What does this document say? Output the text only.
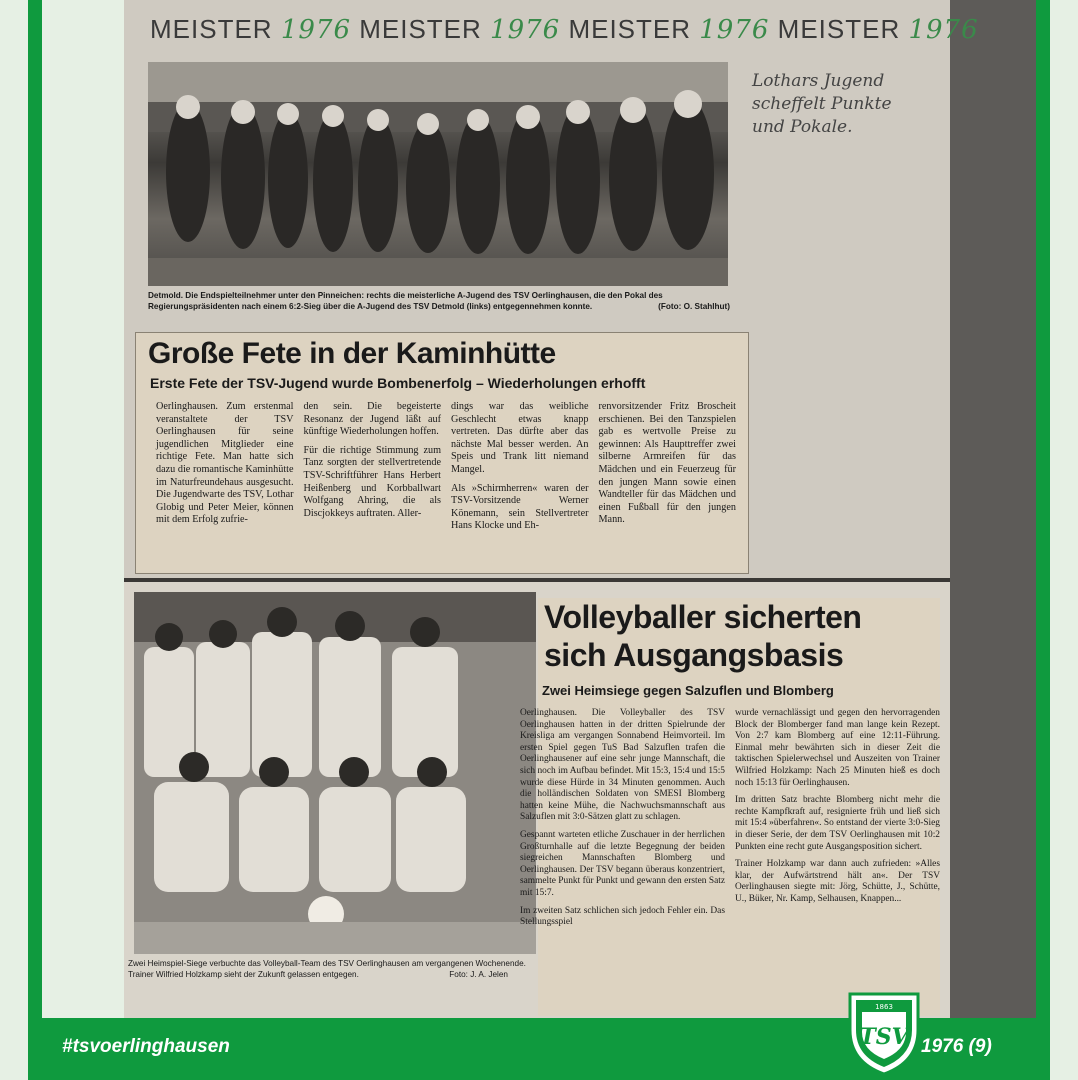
MEISTER 1976 MEISTER 1976 MEISTER 1976 MEISTER 1976
Lothars Jugend
scheffelt Punkte
und Pokale.
Detmold. Die Endspielteilnehmer unter den Pinneichen: rechts die meisterliche A-Jugend des TSV Oerlinghausen, die den Pokal des Regierungspräsidenten nach einem 6:2-Sieg über die A-Jugend des TSV Detmold (links) entgegennehmen konnte.	(Foto: O. Stahlhut)
Große Fete in der Kaminhütte
Erste Fete der TSV-Jugend wurde Bombenerfolg – Wiederholungen erhofft

Oerlinghausen. Zum erstenmal veranstaltete der TSV Oerlinghausen für seine jugendlichen Mitglieder eine richtige Fete. Man hatte sich dazu die romantische Kaminhütte im Naturfreundehaus ausgesucht. Die Jugendwarte des TSV, Lothar Globig und Peter Meier, können mit dem Erfolg zufrie-

den sein. Die begeisterte Resonanz der Jugend läßt auf künftige Wiederholungen hoffen.

Für die richtige Stimmung zum Tanz sorgten der stellvertretende TSV-Schriftführer Hans Herbert Heißenberg und Korbballwart Wolfgang Ahring, die als Discjokkeys auftraten. Aller-

dings war das weibliche Geschlecht etwas knapp vertreten. Das dürfte aber das nächste Mal besser werden. An Speis und Trank litt niemand Mangel.

Als »Schirmherren« waren der TSV-Vorsitzende Werner Könemann, sein Stellvertreter Hans Klocke und Eh-

renvorsitzender Fritz Broscheit erschienen. Bei den Tanzspielen gab es wertvolle Preise zu gewinnen: Als Haupttreffer zwei silberne Armreifen für das Mädchen und ein Feuerzeug für den jungen Mann sowie einen Wandteller für das Mädchen und einen Fußball für den jungen Mann.

Zwei Heimspiel-Siege verbuchte das Volleyball-Team des TSV Oerlinghausen am vergangenen Wochenende. Trainer Wilfried Holzkamp sieht der Zukunft gelassen entgegen.	Foto: J. A. Jelen
Volleyballer sicherten
sich Ausgangsbasis
Zwei Heimsiege gegen Salzuflen und Blomberg

Oerlinghausen. Die Volleyballer des TSV Oerlinghausen hatten in der dritten Spielrunde der Kreisliga am vergangen Sonnabend Heimvorteil. Im ersten Spiel gegen TuS Bad Salzuflen trafen die Oerlinghausener auf eine sehr junge Mannschaft, die sich noch im Aufbau befindet. Mit 15:3, 15:4 und 15:5 wurde diese Hürde in 34 Minuten genommen. Auch die holländischen Soldaten von SMESI Blomberg hatten keine Mühe, die Nachwuchsmannschaft aus Salzuflen mit 3:0-Sätzen glatt zu schlagen.

Gespannt warteten etliche Zuschauer in der herrlichen Großturnhalle auf die letzte Begegnung der beiden siegreichen Mannschaften Blomberg und Oerlinghausen. Der TSV begann überaus konzentriert, sammelte Punkt für Punkt und gewann den ersten Satz mit 15:7.

Im zweiten Satz schlichen sich jedoch Fehler ein. Das Stellungsspiel

wurde vernachlässigt und gegen den hervorragenden Block der Blomberger fand man lange kein Rezept. Von 2:7 kam Blomberg auf eine 12:11-Führung. Einmal mehr bewährten sich in dieser Zeit die taktischen Spielerwechsel und Auszeiten von Trainer Wilfried Holzkamp: Nach 25 Minuten hieß es doch noch 15:13 für Oerlinghausen.

Im dritten Satz brachte Blomberg nicht mehr die rechte Kampfkraft auf, resignierte früh und ließ sich mit 15:4 »überfahren«. So entstand der vierte 3:0-Sieg in dieser Serie, der dem TSV Oerlinghausen mit 10:2 Punkten eine recht gute Ausgangsposition sichert.

Trainer Holzkamp war dann auch zufrieden: »Alles klar, der Aufwärtstrend hält an«. Der TSV Oerlinghausen siegte mit: Jörg, Schütte, J., Schütte, U., Büker, Nr. Kamp, Selhausen, Knappen...

#tsvoerlinghausen
1863
TSV 1976 (9)
